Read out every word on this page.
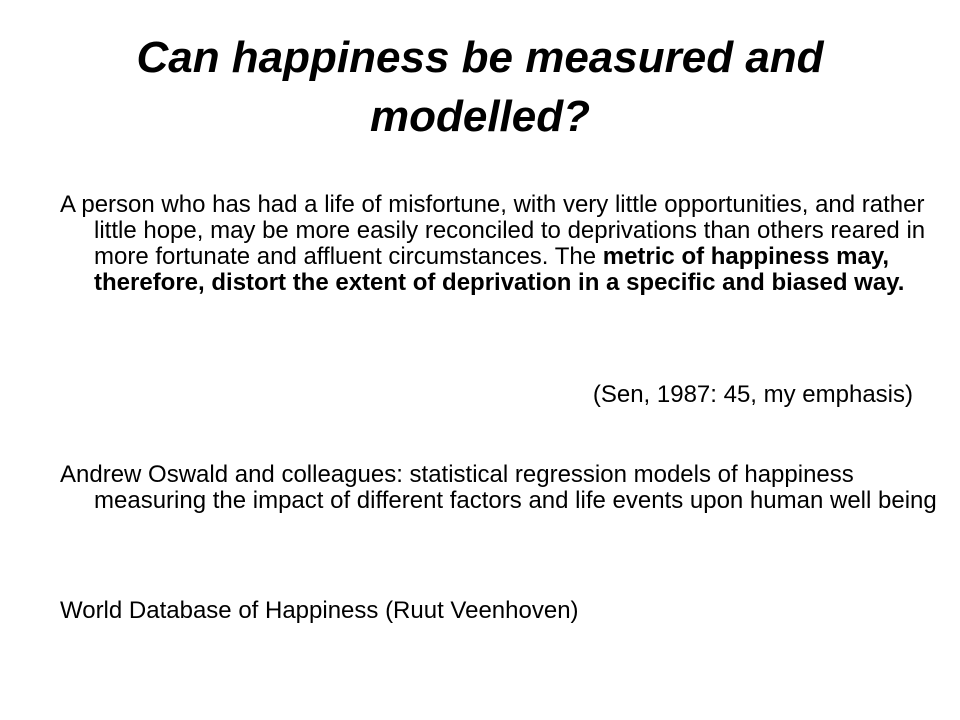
Can happiness be measured and modelled?

A person who has had a life of misfortune, with very little opportunities, and rather little hope, may be more easily reconciled to deprivations than others reared in more fortunate and affluent circumstances. The metric of happiness may, therefore, distort the extent of deprivation in a specific and biased way.

(Sen, 1987: 45, my emphasis)

Andrew Oswald and colleagues: statistical regression models of happiness measuring the impact of different factors and life events upon human well being

World Database of Happiness (Ruut Veenhoven)
